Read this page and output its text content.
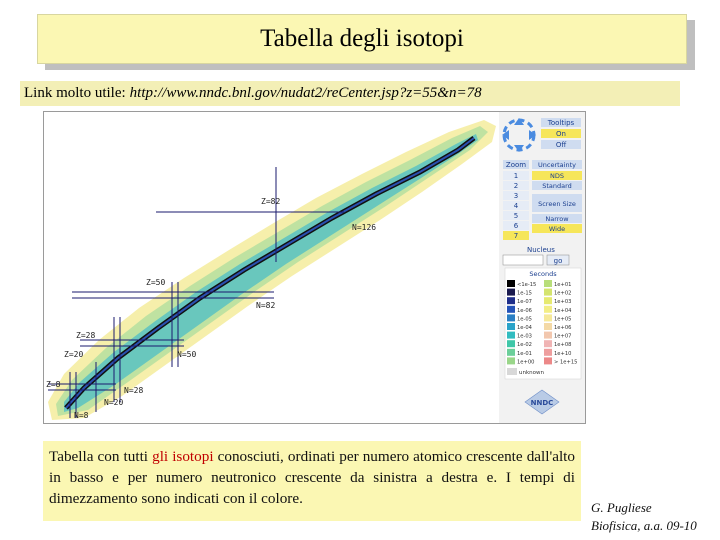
Tabella degli isotopi
Link molto utile: http://www.nndc.bnl.gov/nudat2/reCenter.jsp?z=55&n=78
Z=82
N=126
Z=50
N=82
Z=28
Z=20	N=50
Z=8
N=28
N=20
N=8
Tooltips
On
Off
Zoom
1
2
3
4
5
6
7
Uncertainty
NDS
Standard
Screen Size
Narrow
Wide
Nucleus
go
Seconds
<1e-15
1e-15
1e-07
1e-06
1e-05
1e-04
1e-03
1e-02
1e-01
1e+00
1e+01
1e+02
1e+03
1e+04
1e+05
1e+06
1e+07
1e+08
1e+10
> 1e+15
unknown
NNDC
Tabella con tutti gli isotopi conosciuti, ordinati per numero atomico crescente dall'alto in basso e per numero neutronico crescente da sinistra a destra e. I tempi di dimezzamento sono indicati con il colore.
G. Pugliese
Biofisica, a.a. 09-10
